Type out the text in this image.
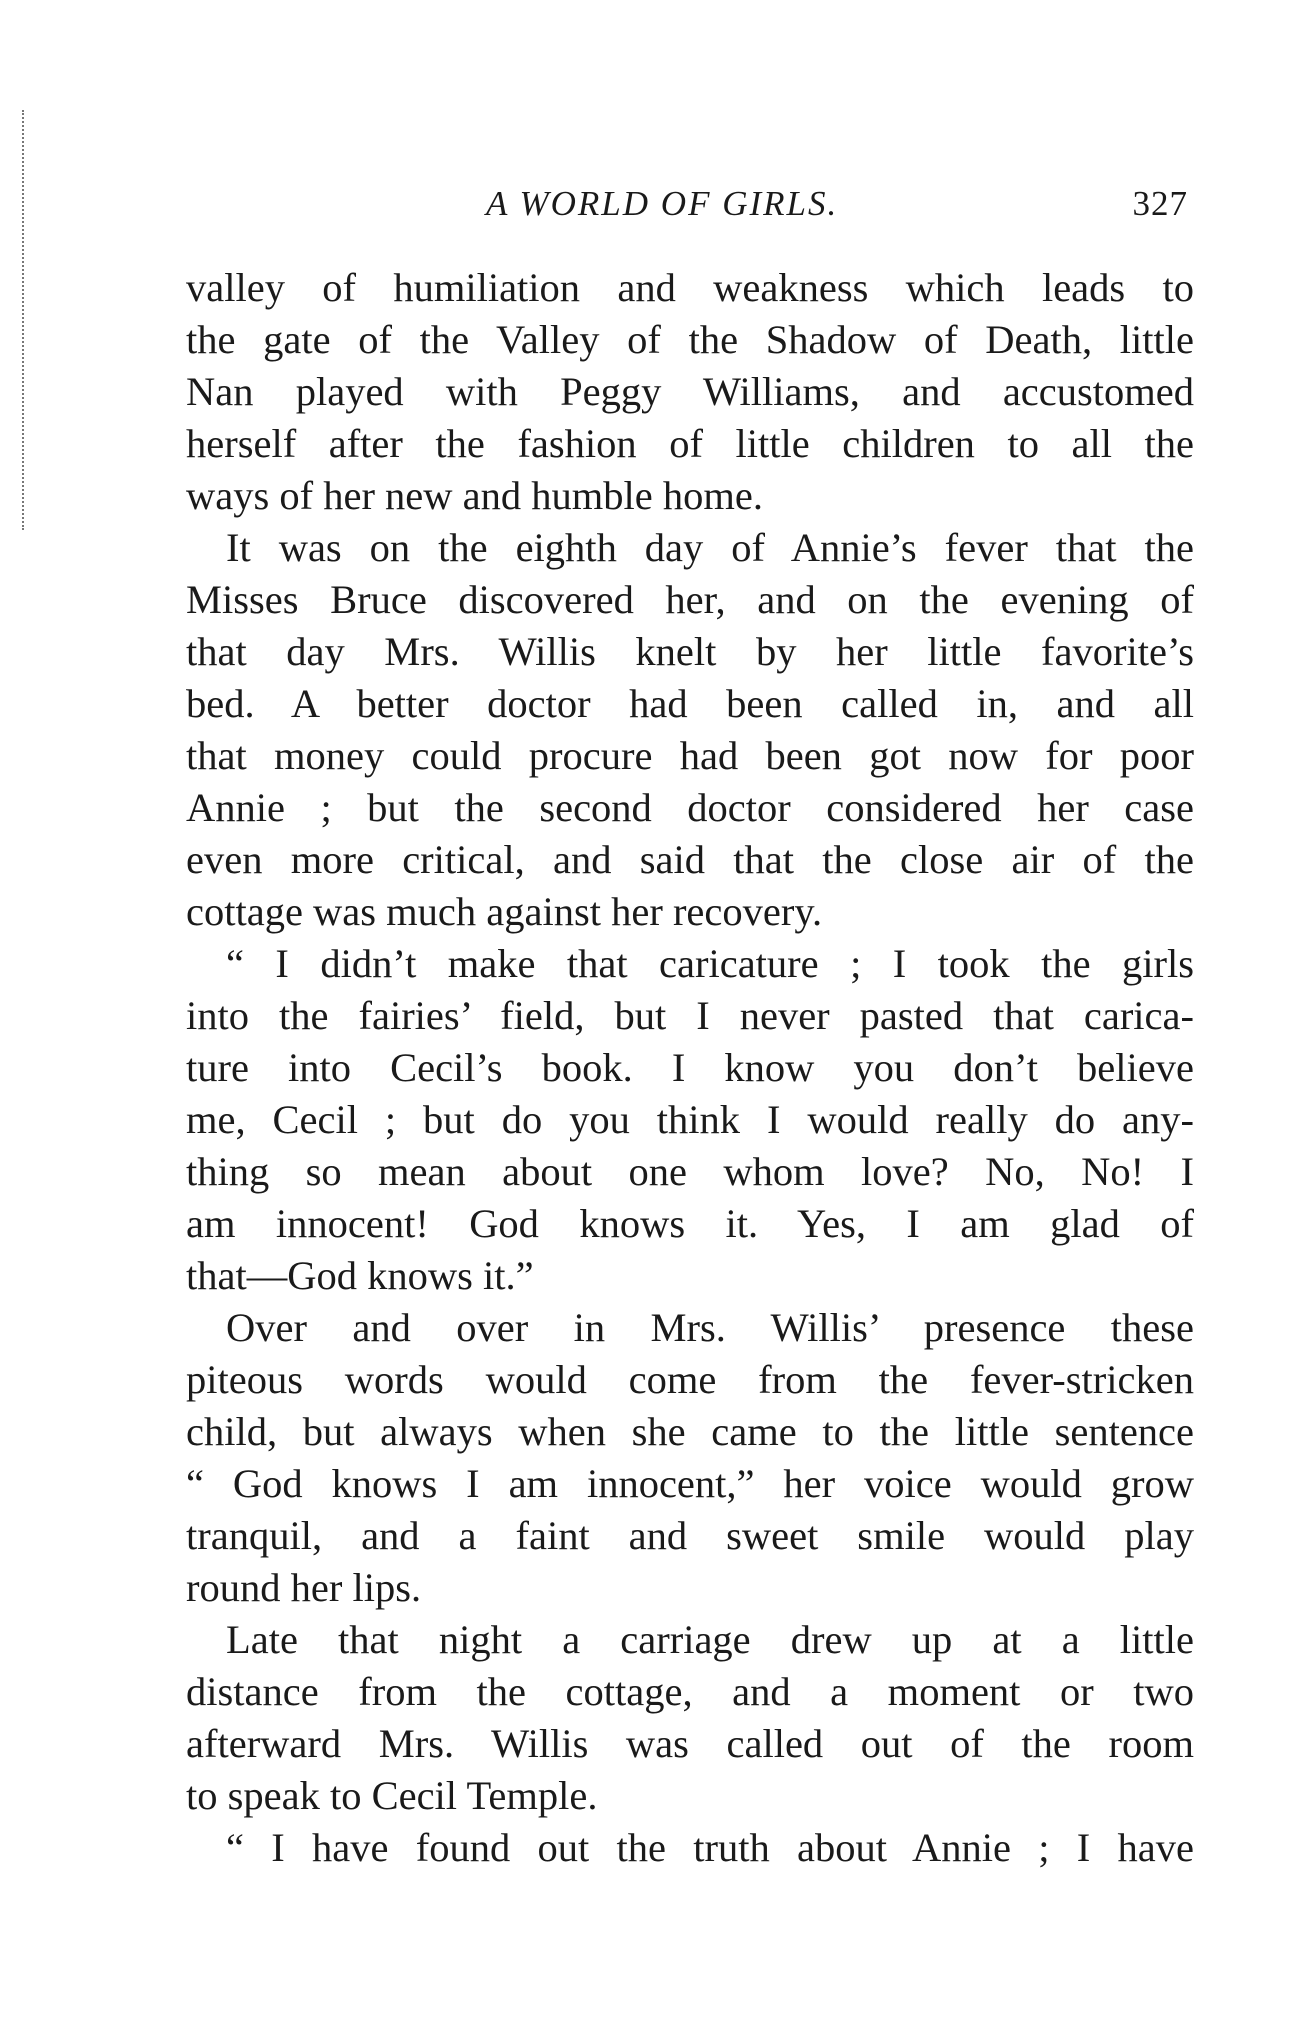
A WORLD OF GIRLS.	327
valley of humiliation and weakness which leads to
the gate of the Valley of the Shadow of Death, little
Nan played with Peggy Williams, and accustomed
herself after the fashion of little children to all the
ways of her new and humble home.
It was on the eighth day of Annie’s fever that the
Misses Bruce discovered her, and on the evening of
that day Mrs. Willis knelt by her little favorite’s
bed. A better doctor had been called in, and all
that money could procure had been got now for poor
Annie ; but the second doctor considered her case
even more critical, and said that the close air of the
cottage was much against her recovery.
“ I didn’t make that caricature ; I took the girls
into the fairies’ field, but I never pasted that carica-
ture into Cecil’s book. I know you don’t believe
me, Cecil ; but do you think I would really do any-
thing so mean about one whom love? No, No! I
am innocent! God knows it. Yes, I am glad of
that—God knows it.”
Over and over in Mrs. Willis’ presence these
piteous words would come from the fever-stricken
child, but always when she came to the little sentence
“ God knows I am innocent,” her voice would grow
tranquil, and a faint and sweet smile would play
round her lips.
Late that night a carriage drew up at a little
distance from the cottage, and a moment or two
afterward Mrs. Willis was called out of the room
to speak to Cecil Temple.
“ I have found out the truth about Annie ; I have
